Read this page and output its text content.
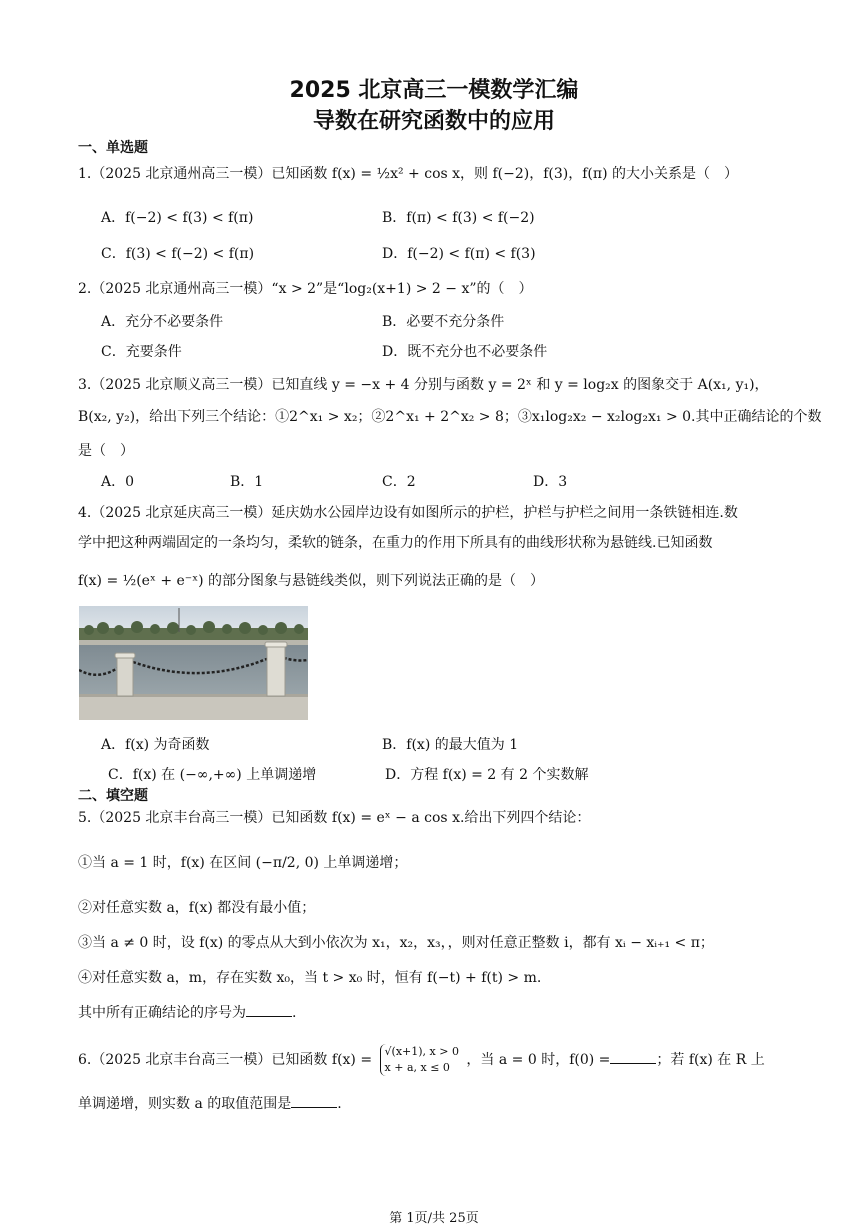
2025 北京高三一模数学汇编
导数在研究函数中的应用
一、单选题
1.（2025 北京通州高三一模）已知函数 f(x) = ½x² + cos x，则 f(−2)，f(3)，f(π) 的大小关系是（　）
A．f(−2) < f(3) < f(π)	B．f(π) < f(3) < f(−2)
C．f(3) < f(−2) < f(π)	D．f(−2) < f(π) < f(3)
2.（2025 北京通州高三一模）“x > 2”是“log₂(x+1) > 2 − x”的（　）
A．充分不必要条件	B．必要不充分条件
C．充要条件	D．既不充分也不必要条件
3.（2025 北京顺义高三一模）已知直线 y = −x + 4 分别与函数 y = 2ˣ 和 y = log₂x 的图象交于 A(x₁, y₁)，
B(x₂, y₂)，给出下列三个结论：①2^x₁ > x₂；②2^x₁ + 2^x₂ > 8；③x₁log₂x₂ − x₂log₂x₁ > 0.其中正确结论的个数
是（　）
A．0	B．1	C．2	D．3
4.（2025 北京延庆高三一模）延庆妫水公园岸边设有如图所示的护栏，护栏与护栏之间用一条铁链相连.数
学中把这种两端固定的一条均匀，柔软的链条，在重力的作用下所具有的曲线形状称为悬链线.已知函数
f(x) = ½(eˣ + e⁻ˣ) 的部分图象与悬链线类似，则下列说法正确的是（　）
A．f(x) 为奇函数	B．f(x) 的最大值为 1
C．f(x) 在 (−∞,+∞) 上单调递增	D．方程 f(x) = 2 有 2 个实数解
二、填空题
5.（2025 北京丰台高三一模）已知函数 f(x) = eˣ − a cos x.给出下列四个结论：
①当 a = 1 时，f(x) 在区间 (−π/2, 0) 上单调递增；
②对任意实数 a，f(x) 都没有最小值；
③当 a ≠ 0 时，设 f(x) 的零点从大到小依次为 x₁，x₂，x₃，，则对任意正整数 i，都有 xᵢ − xᵢ₊₁ < π；
④对任意实数 a，m，存在实数 x₀，当 t > x₀ 时，恒有 f(−t) + f(t) > m.
其中所有正确结论的序号为	.
6.（2025 北京丰台高三一模）已知函数 f(x) =
√(x+1), x > 0
x + a, x ≤ 0	，当 a = 0 时，f(0) =	；若 f(x) 在 R 上
单调递增，则实数 a 的取值范围是	.
第 1页/共 25页
